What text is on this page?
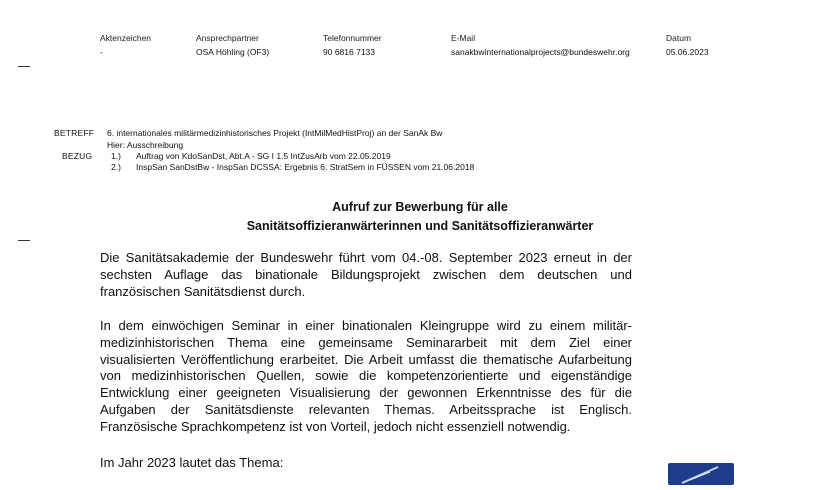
Aktenzeichen
-
Ansprechpartner
OSA Höhling (OF3)
Telefonnummer
90 6816 7133
E-Mail
sanakbwinternationalprojects@bundeswehr.org
Datum
05.06.2023
BETREFF 6. internationales militärmedizinhistorisches Projekt (IntMilMedHistProj) an der SanAk Bw
Hier: Ausschreibung
BEZUG 1.) Auftrag von KdoSanDst, Abt.A - SG I 1.5 IntZusArb vom 22.05.2019
2.) InspSan SanDstBw - InspSan DCSSA: Ergebnis 6. StratSem in FÜSSEN vom 21.06.2018
Aufruf zur Bewerbung für alle
Sanitätsoffizieranwärterinnen und Sanitätsoffizieranwärter
Die Sanitätsakademie der Bundeswehr führt vom 04.-08. September 2023 erneut in der sechsten Auflage das binationale Bildungsprojekt zwischen dem deutschen und französischen Sanitätsdienst durch.
In dem einwöchigen Seminar in einer binationalen Kleingruppe wird zu einem militär-medizinhistorischen Thema eine gemeinsame Seminararbeit mit dem Ziel einer visualisierten Veröffentlichung erarbeitet. Die Arbeit umfasst die thematische Aufarbeitung von medizinhistorischen Quellen, sowie die kompetenzorientierte und eigenständige Entwicklung einer geeigneten Visualisierung der gewonnen Erkenntnisse des für die Aufgaben der Sanitätsdienste relevanten Themas. Arbeitssprache ist Englisch. Französische Sprachkompetenz ist von Vorteil, jedoch nicht essenziell notwendig.
Im Jahr 2023 lautet das Thema:
